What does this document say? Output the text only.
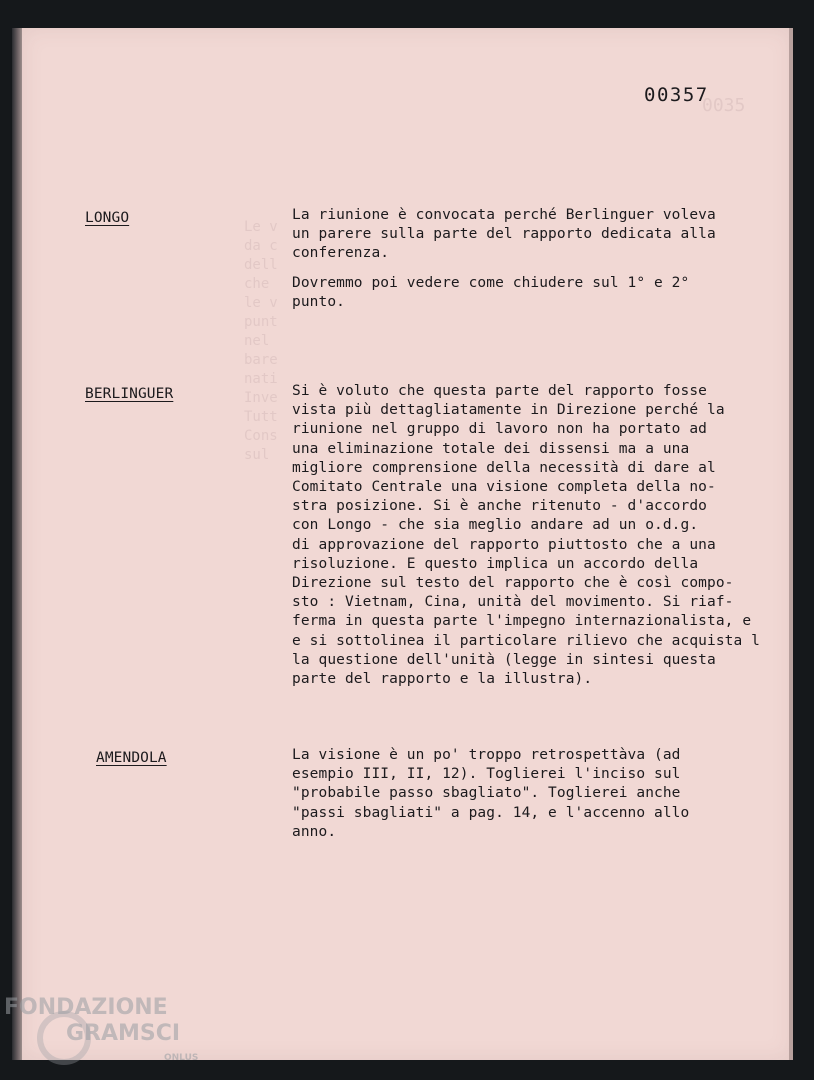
Le v
da c
dell
che
le v
punt
nel
bare
nati
Inve
Tutt
Cons
sul
0035
00357
LONGO	La riunione è convocata perché Berlinguer voleva
un parere sulla parte del rapporto dedicata alla
conferenza.
Dovremmo poi vedere come chiudere sul 1° e 2°
punto.
BERLINGUER	Si è voluto che questa parte del rapporto fosse
vista più dettagliatamente in Direzione perché la
riunione nel gruppo di lavoro non ha portato ad
una eliminazione totale dei dissensi ma a una
migliore comprensione della necessità di dare al
Comitato Centrale una visione completa della no-
stra posizione. Si è anche ritenuto - d'accordo
con Longo - che sia meglio andare ad un o.d.g.
di approvazione del rapporto piuttosto che a una
risoluzione. E questo implica un accordo della
Direzione sul testo del rapporto che è così compo-
sto : Vietnam, Cina, unità del movimento. Si riaf-
ferma in questa parte l'impegno internazionalista, e
e si sottolinea il particolare rilievo che acquista l
la questione dell'unità (legge in sintesi questa
parte del rapporto e la illustra).
AMENDOLA	La visione è un po' troppo retrospettàva (ad
esempio III, II, 12). Toglierei l'inciso sul
"probabile passo sbagliato". Toglierei anche
"passi sbagliati" a pag. 14, e l'accenno allo
anno.
FONDAZIONE
GRAMSCI
ONLUS
